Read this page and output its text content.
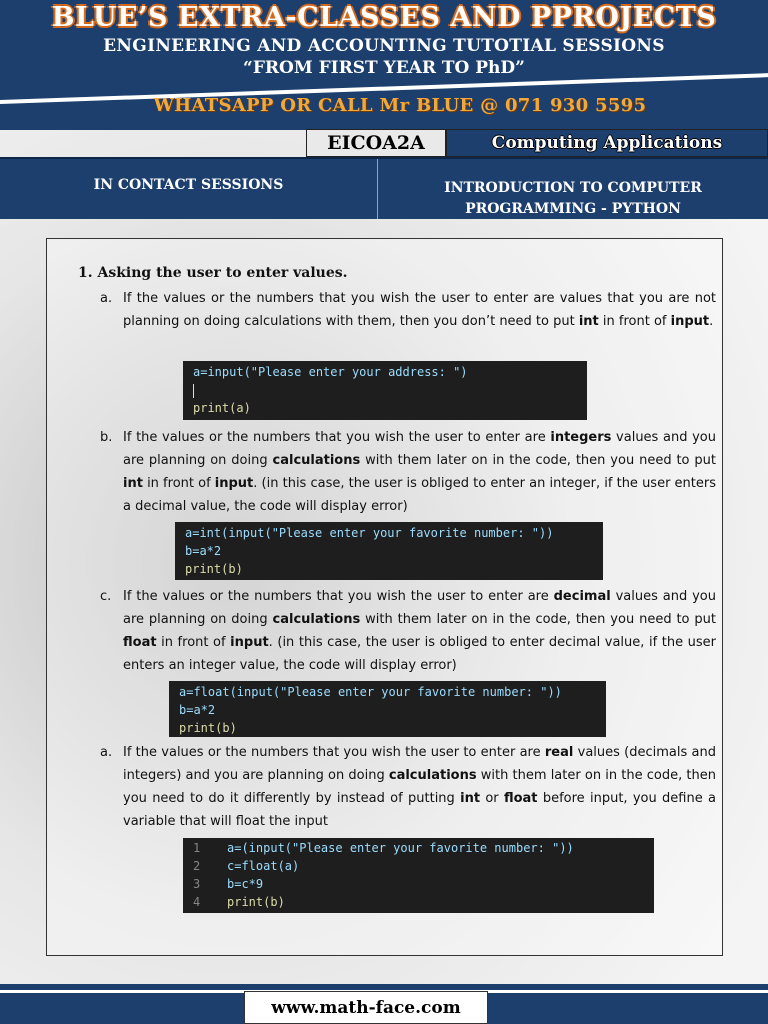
BLUE’S EXTRA-CLASSES AND PPROJECTS
ENGINEERING AND ACCOUNTING TUTOTIAL SESSIONS
“FROM FIRST YEAR TO PhD”
WHATSAPP OR CALL Mr BLUE @ 071 930 5595
EICOA2A	Computing Applications
IN CONTACT SESSIONS	INTRODUCTION TO COMPUTER
PROGRAMMING - PYTHON
1. Asking the user to enter values.
a. If the values or the numbers that you wish the user to enter are values that you are not planning on doing calculations with them, then you don’t need to put int in front of input.
a=input("Please enter your address: ")
print(a)
b. If the values or the numbers that you wish the user to enter are integers values and you are planning on doing calculations with them later on in the code, then you need to put int in front of input. (in this case, the user is obliged to enter an integer, if the user enters a decimal value, the code will display error)
a=int(input("Please enter your favorite number: "))
b=a*2
print(b)
c. If the values or the numbers that you wish the user to enter are decimal values and you are planning on doing calculations with them later on in the code, then you need to put float in front of input. (in this case, the user is obliged to enter decimal value, if the user enters an integer value, the code will display error)
a=float(input("Please enter your favorite number: "))
b=a*2
print(b)
a. If the values or the numbers that you wish the user to enter are real values (decimals and integers) and you are planning on doing calculations with them later on in the code, then you need to do it differently by instead of putting int or float before input, you define a variable that will float the input
1 a=(input("Please enter your favorite number: "))
2 c=float(a)
3 b=c*9
4 print(b)
www.math-face.com
